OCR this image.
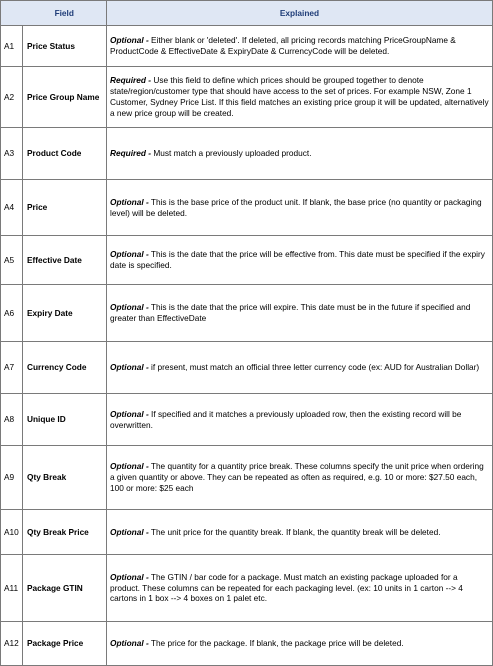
	Field	Explained
A1	Price Status	Optional - Either blank or 'deleted'. If deleted, all pricing records matching PriceGroupName & ProductCode & EffectiveDate & ExpiryDate & CurrencyCode will be deleted.
A2	Price Group Name	Required - Use this field to define which prices should be grouped together to denote state/region/customer type that should have access to the set of prices. For example NSW, Zone 1 Customer, Sydney Price List. If this field matches an existing price group it will be updated, alternatively a new price group will be created.
A3	Product Code	Required - Must match a previously uploaded product.
A4	Price	Optional - This is the base price of the product unit. If blank, the base price (no quantity or packaging level) will be deleted.
A5	Effective Date	Optional - This is the date that the price will be effective from. This date must be specified if the expiry date is specified.
A6	Expiry Date	Optional - This is the date that the price will expire. This date must be in the future if specified and greater than EffectiveDate
A7	Currency Code	Optional - if present, must match an official three letter currency code (ex: AUD for Australian Dollar)
A8	Unique ID	Optional - If specified and it matches a previously uploaded row, then the existing record will be overwritten.
A9	Qty Break	Optional - The quantity for a quantity price break. These columns specify the unit price when ordering a given quantity or above. They can be repeated as often as required, e.g. 10 or more: $27.50 each, 100 or more: $25 each
A10	Qty Break Price	Optional - The unit price for the quantity break. If blank, the quantity break will be deleted.
A11	Package GTIN	Optional - The GTIN / bar code for a package. Must match an existing package uploaded for a product. These columns can be repeated for each packaging level. (ex: 10 units in 1 carton --> 4 cartons in 1 box --> 4 boxes on 1 palet etc.
A12	Package Price	Optional - The price for the package. If blank, the package price will be deleted.
